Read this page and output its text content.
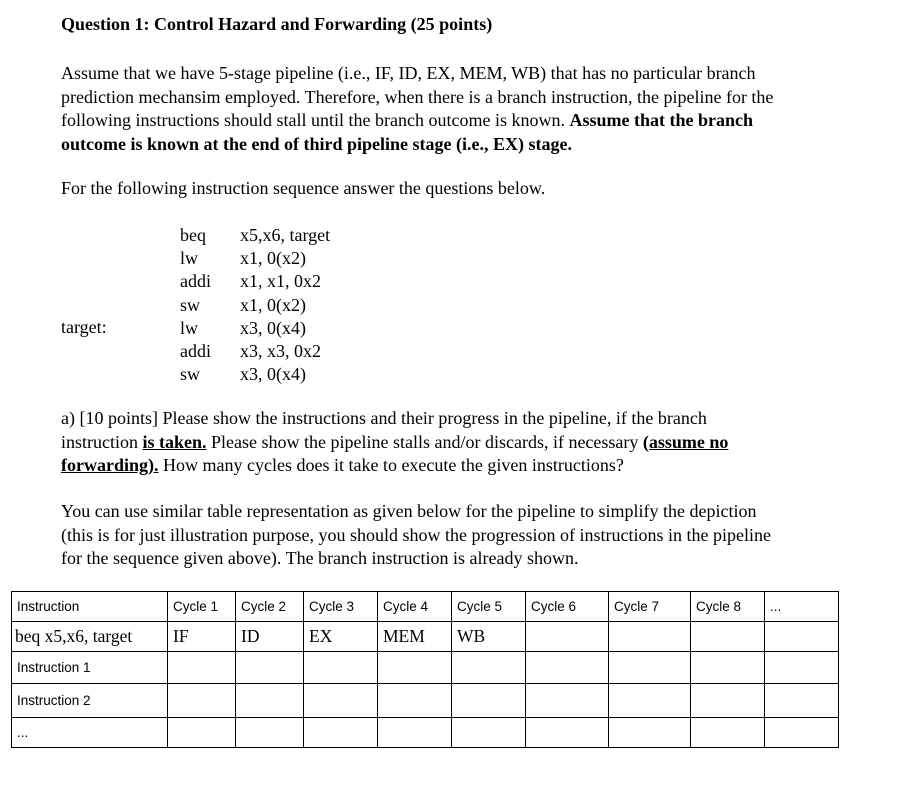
Question 1: Control Hazard and Forwarding (25 points)

Assume that we have 5-stage pipeline (i.e., IF, ID, EX, MEM, WB) that has no particular branch

prediction mechansim employed. Therefore, when there is a branch instruction, the pipeline for the

following instructions should stall until the branch outcome is known. Assume that the branch

outcome is known at the end of third pipeline stage (i.e., EX) stage.

For the following instruction sequence answer the questions below.

target:
beq x5,x6, target
lw x1, 0(x2)
addi x1, x1, 0x2
sw x1, 0(x2)
lw x3, 0(x4)
addi x3, x3, 0x2
sw x3, 0(x4)

a) [10 points] Please show the instructions and their progress in the pipeline, if the branch

instruction is taken. Please show the pipeline stalls and/or discards, if necessary (assume no

forwarding). How many cycles does it take to execute the given instructions?

You can use similar table representation as given below for the pipeline to simplify the depiction

(this is for just illustration purpose, you should show the progression of instructions in the pipeline

for the sequence given above). The branch instruction is already shown.

Instruction	Cycle 1	Cycle 2	Cycle 3	Cycle 4	Cycle 5	Cycle 6	Cycle 7	Cycle 8	...
beq x5,x6, target	IF	ID	EX	MEM	WB				
Instruction 1									
Instruction 2									
...									
